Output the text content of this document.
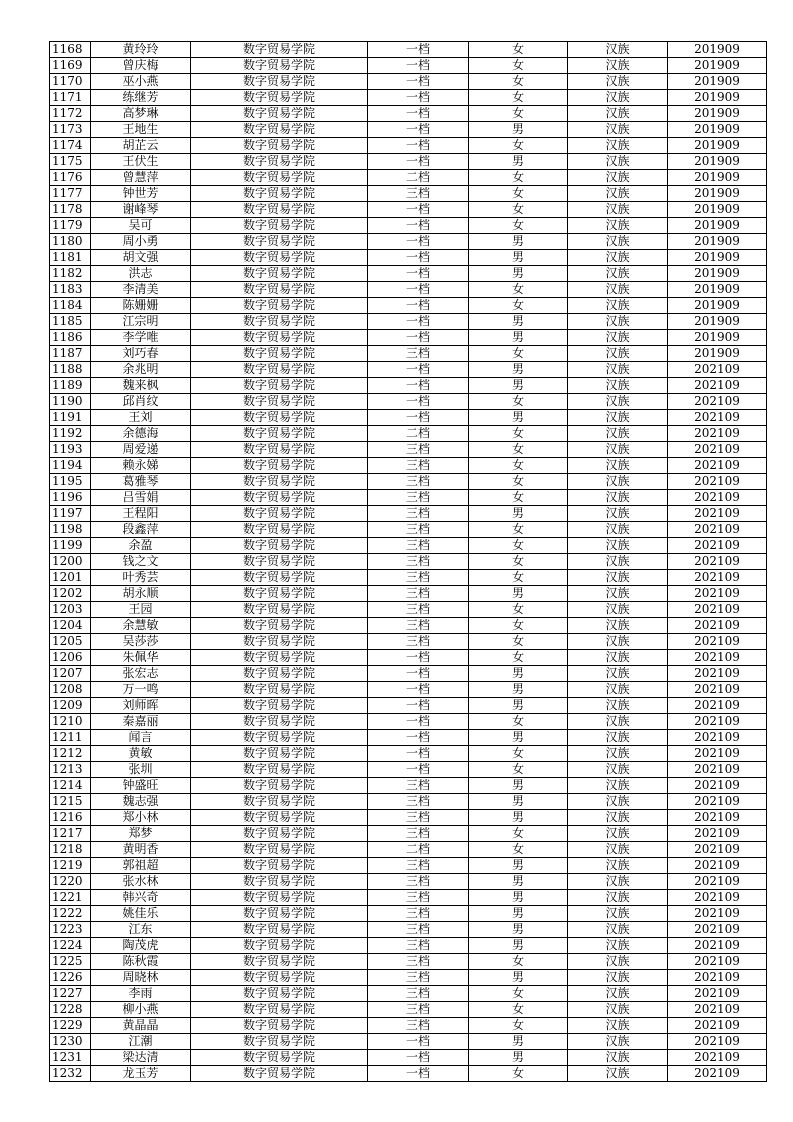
1168	黄玲玲	数字贸易学院	一档	女	汉族	201909
1169	曾庆梅	数字贸易学院	一档	女	汉族	201909
1170	巫小燕	数字贸易学院	一档	女	汉族	201909
1171	练继芳	数字贸易学院	一档	女	汉族	201909
1172	高梦琳	数字贸易学院	一档	女	汉族	201909
1173	王地生	数字贸易学院	一档	男	汉族	201909
1174	胡芷云	数字贸易学院	一档	女	汉族	201909
1175	王伏生	数字贸易学院	一档	男	汉族	201909
1176	曾慧萍	数字贸易学院	二档	女	汉族	201909
1177	钟世芳	数字贸易学院	三档	女	汉族	201909
1178	谢峰琴	数字贸易学院	一档	女	汉族	201909
1179	吴可	数字贸易学院	一档	女	汉族	201909
1180	周小勇	数字贸易学院	一档	男	汉族	201909
1181	胡文强	数字贸易学院	一档	男	汉族	201909
1182	洪志	数字贸易学院	一档	男	汉族	201909
1183	李清美	数字贸易学院	一档	女	汉族	201909
1184	陈姗姗	数字贸易学院	一档	女	汉族	201909
1185	江宗明	数字贸易学院	一档	男	汉族	201909
1186	李学唯	数字贸易学院	一档	男	汉族	201909
1187	刘巧春	数字贸易学院	三档	女	汉族	201909
1188	余兆明	数字贸易学院	一档	男	汉族	202109
1189	魏来枫	数字贸易学院	一档	男	汉族	202109
1190	邱肖纹	数字贸易学院	一档	女	汉族	202109
1191	王刘	数字贸易学院	一档	男	汉族	202109
1192	余德海	数字贸易学院	二档	女	汉族	202109
1193	周爱递	数字贸易学院	三档	女	汉族	202109
1194	赖永娣	数字贸易学院	三档	女	汉族	202109
1195	葛雅琴	数字贸易学院	三档	女	汉族	202109
1196	吕雪娟	数字贸易学院	三档	女	汉族	202109
1197	王程阳	数字贸易学院	三档	男	汉族	202109
1198	段鑫萍	数字贸易学院	三档	女	汉族	202109
1199	余盈	数字贸易学院	三档	女	汉族	202109
1200	钱之文	数字贸易学院	三档	女	汉族	202109
1201	叶秀芸	数字贸易学院	三档	女	汉族	202109
1202	胡永顺	数字贸易学院	三档	男	汉族	202109
1203	王园	数字贸易学院	三档	女	汉族	202109
1204	余慧敏	数字贸易学院	三档	女	汉族	202109
1205	吴莎莎	数字贸易学院	三档	女	汉族	202109
1206	朱佩华	数字贸易学院	一档	女	汉族	202109
1207	张宏志	数字贸易学院	一档	男	汉族	202109
1208	万一鸣	数字贸易学院	一档	男	汉族	202109
1209	刘师晖	数字贸易学院	一档	男	汉族	202109
1210	秦嘉丽	数字贸易学院	一档	女	汉族	202109
1211	闻言	数字贸易学院	一档	男	汉族	202109
1212	黄敏	数字贸易学院	一档	女	汉族	202109
1213	张圳	数字贸易学院	一档	女	汉族	202109
1214	钟盛旺	数字贸易学院	三档	男	汉族	202109
1215	魏志强	数字贸易学院	三档	男	汉族	202109
1216	郑小林	数字贸易学院	三档	男	汉族	202109
1217	郑梦	数字贸易学院	三档	女	汉族	202109
1218	黄明香	数字贸易学院	二档	女	汉族	202109
1219	郭祖超	数字贸易学院	三档	男	汉族	202109
1220	张水林	数字贸易学院	三档	男	汉族	202109
1221	韩兴奇	数字贸易学院	三档	男	汉族	202109
1222	姚佳乐	数字贸易学院	三档	男	汉族	202109
1223	江东	数字贸易学院	三档	男	汉族	202109
1224	陶茂虎	数字贸易学院	三档	男	汉族	202109
1225	陈秋霞	数字贸易学院	三档	女	汉族	202109
1226	周晓林	数字贸易学院	三档	男	汉族	202109
1227	李雨	数字贸易学院	三档	女	汉族	202109
1228	柳小燕	数字贸易学院	三档	女	汉族	202109
1229	黄晶晶	数字贸易学院	三档	女	汉族	202109
1230	江潮	数字贸易学院	一档	男	汉族	202109
1231	梁达清	数字贸易学院	一档	男	汉族	202109
1232	龙玉芳	数字贸易学院	一档	女	汉族	202109
